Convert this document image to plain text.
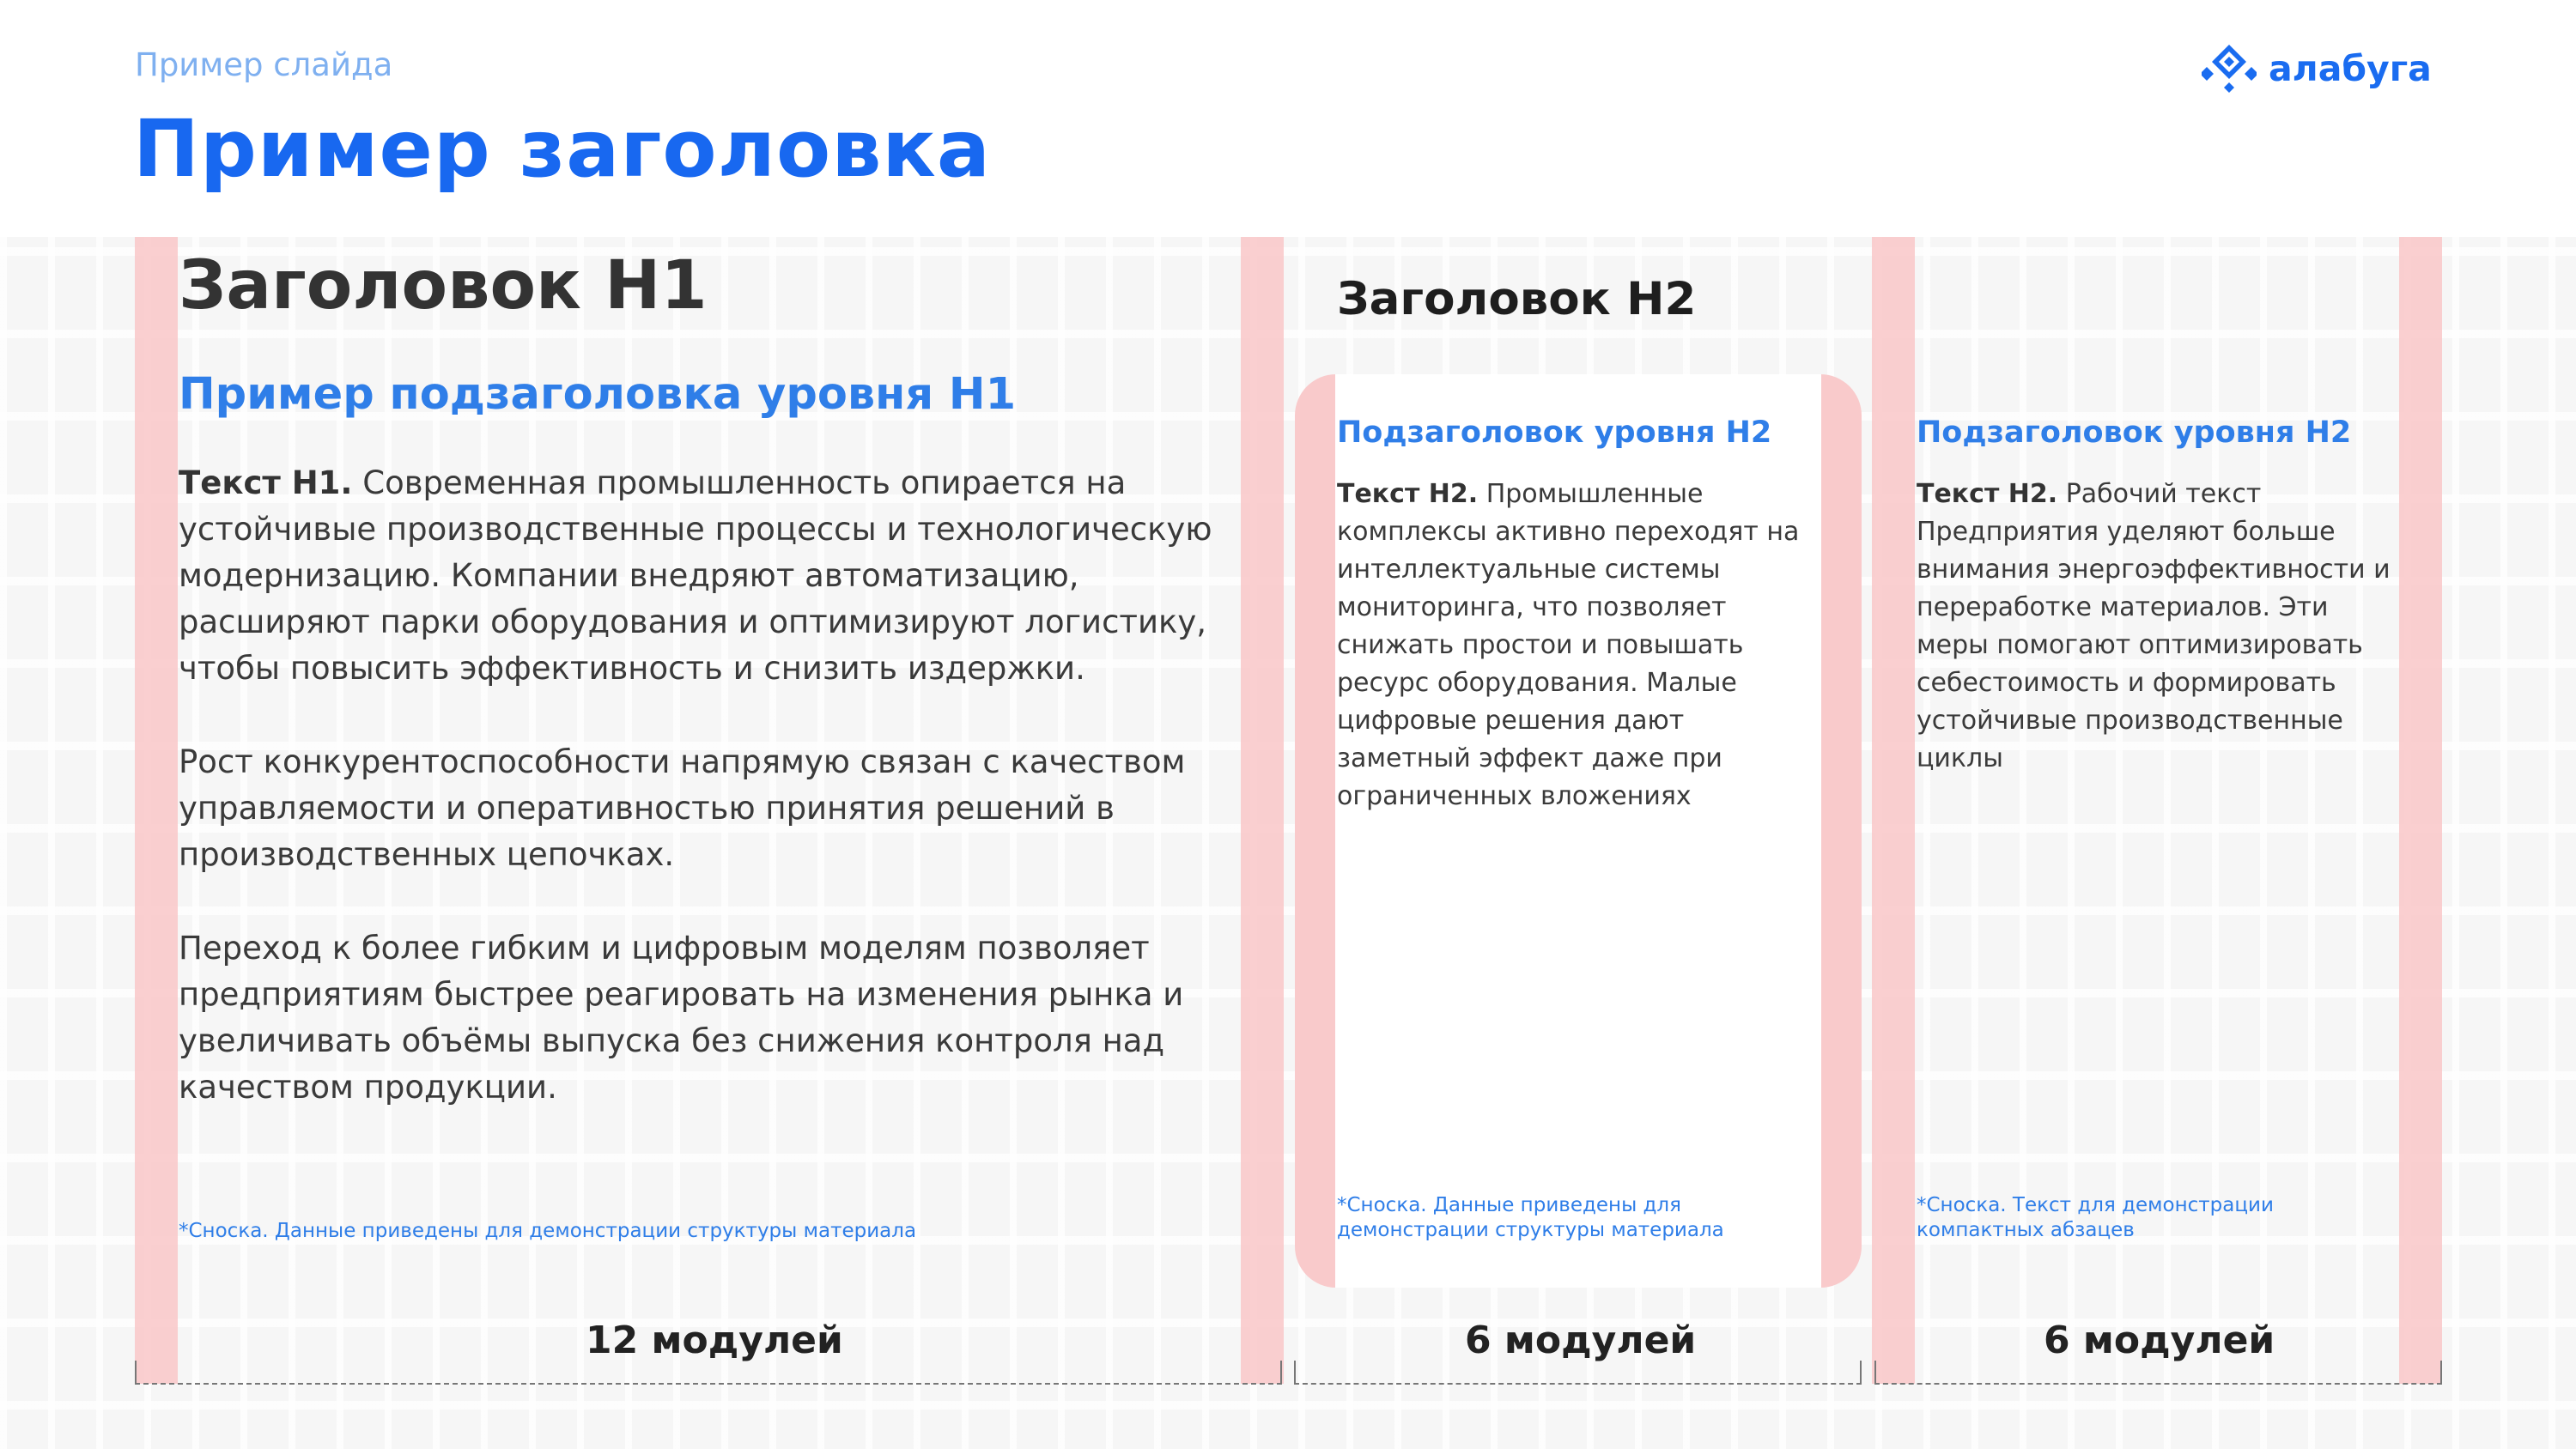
Пример слайда
Пример заголовка
алабуга
Заголовок H1
Пример подзаголовка уровня H1
Текст H1. Современная промышленность опирается на устойчивые производственные процессы и технологическую модернизацию. Компании внедряют автоматизацию, расширяют парки оборудования и оптимизируют логистику, чтобы повысить эффективность и снизить издержки.
Рост конкурентоспособности напрямую связан с качеством управляемости и оперативностью принятия решений в производственных цепочках.
Переход к более гибким и цифровым моделям позволяет предприятиям быстрее реагировать на изменения рынка и увеличивать объёмы выпуска без снижения контроля над качеством продукции.
*Сноска. Данные приведены для демонстрации структуры материала
Заголовок H2
Подзаголовок уровня H2
Текст H2. Промышленные комплексы активно переходят на интеллектуальные системы мониторинга, что позволяет снижать простои и повышать ресурс оборудования. Малые цифровые решения дают заметный эффект даже при ограниченных вложениях
*Сноска. Данные приведены для демонстрации структуры материала
Подзаголовок уровня H2
Текст H2. Рабочий текст Предприятия уделяют больше внимания энергоэффективности и переработке материалов. Эти меры помогают оптимизировать себестоимость и формировать устойчивые производственные циклы
*Сноска. Текст для демонстрации компактных абзацев
12 модулей	6 модулей	6 модулей
